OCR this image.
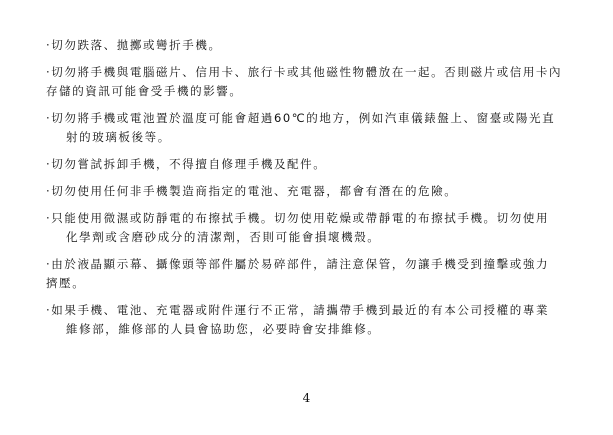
·切勿跌落、拋擲或彎折手機。

·切勿將手機與電腦磁片、信用卡、旅行卡或其他磁性物體放在一起。否則磁片或信用卡內

存儲的資訊可能會受手機的影響。

·切勿將手機或電池置於溫度可能會超過60℃的地方，例如汽車儀錶盤上、窗臺或陽光直

射的玻璃板後等。

·切勿嘗試拆卸手機，不得擅自修理手機及配件。

·切勿使用任何非手機製造商指定的電池、充電器，都會有潛在的危險。

·只能使用微濕或防靜電的布擦拭手機。切勿使用乾燥或帶靜電的布擦拭手機。切勿使用

化學劑或含磨砂成分的清潔劑，否則可能會損壞機殼。

·由於液晶顯示幕、攝像頭等部件屬於易碎部件，請注意保管，勿讓手機受到撞擊或強力

擠壓。

·如果手機、電池、充電器或附件運行不正常，請攜帶手機到最近的有本公司授權的專業

維修部，維修部的人員會協助您，必要時會安排維修。

4
